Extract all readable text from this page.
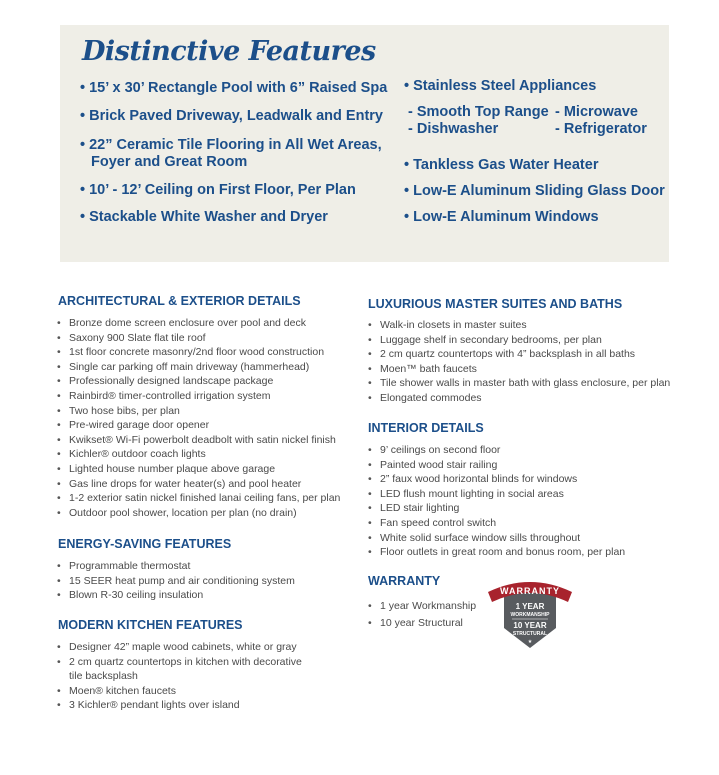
Distinctive Features
• 15’ x 30’ Rectangle Pool with 6” Raised Spa
• Brick Paved Driveway, Leadwalk and Entry
• 22” Ceramic Tile Flooring in All Wet Areas,
Foyer and Great Room
• 10’ - 12’ Ceiling on First Floor, Per Plan
• Stackable White Washer and Dryer
• Stainless Steel Appliances
- Smooth Top Range - Microwave
- Dishwasher	- Refrigerator
• Tankless Gas Water Heater
• Low-E Aluminum Sliding Glass Door
• Low-E Aluminum Windows
ARCHITECTURAL & EXTERIOR DETAILS
• Bronze dome screen enclosure over pool and deck
• Saxony 900 Slate flat tile roof
• 1st floor concrete masonry/2nd floor wood construction
• Single car parking off main driveway (hammerhead)
• Professionally designed landscape package
• Rainbird® timer-controlled irrigation system
• Two hose bibs, per plan
• Pre-wired garage door opener
• Kwikset® Wi-Fi powerbolt deadbolt with satin nickel finish
• Kichler® outdoor coach lights
• Lighted house number plaque above garage
• Gas line drops for water heater(s) and pool heater
• 1-2 exterior satin nickel finished lanai ceiling fans, per plan
• Outdoor pool shower, location per plan (no drain)
ENERGY-SAVING FEATURES
• Programmable thermostat
• 15 SEER heat pump and air conditioning system
• Blown R-30 ceiling insulation
MODERN KITCHEN FEATURES
• Designer 42” maple wood cabinets, white or gray
• 2 cm quartz countertops in kitchen with decorative
tile backsplash
• Moen® kitchen faucets
• 3 Kichler® pendant lights over island
LUXURIOUS MASTER SUITES AND BATHS
• Walk-in closets in master suites
• Luggage shelf in secondary bedrooms, per plan
• 2 cm quartz countertops with 4” backsplash in all baths
• Moen™ bath faucets
• Tile shower walls in master bath with glass enclosure, per plan
• Elongated commodes
INTERIOR DETAILS
• 9’ ceilings on second floor
• Painted wood stair railing
• 2” faux wood horizontal blinds for windows
• LED flush mount lighting in social areas
• LED stair lighting
• Fan speed control switch
• White solid surface window sills throughout
• Floor outlets in great room and bonus room, per plan
WARRANTY
• 1 year Workmanship
• 10 year Structural
WARRANTY
1 YEAR
WORKMANSHIP
10 YEAR
STRUCTURAL
★
